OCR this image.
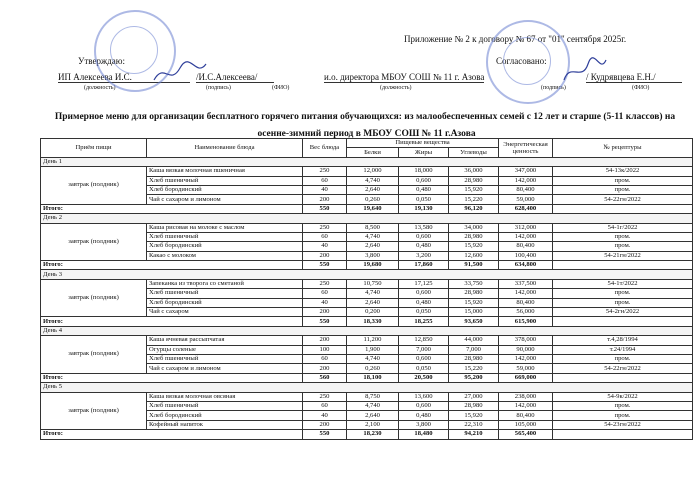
Приложение № 2 к договору № 67 от "01" сентября 2025г.
Утверждаю:	Согласовано:
ИП Алексеева И.С.	/И.С.Алексеева/
(должность)	(подпись)	(ФИО)
и.о. директора МБОУ СОШ № 11 г. Азова	/ Кудрявцева Е.Н./
(должность)	(подпись)	(ФИО)
Примерное меню для организации бесплатного горячего питания обучающихся: из малообеспеченных семей с 12 лет и старше (5-11 классов) на
осенне-зимний период в МБОУ СОШ № 11 г.Азова							
Приём пищи	Наименование блюда	Вес блюда	Пищевые вещества			Энергетическая ценность	№ рецептуры
			Белки	Жиры	Углеводы		
День 1							
завтрак (полдник)	Каша вязкая молочная пшеничная	250	12,000	18,000	36,000	347,000	54-13к/2022
	Хлеб пшеничный	60	4,740	0,600	28,980	142,000	пром.
	Хлеб бородинский	40	2,640	0,480	15,920	80,400	пром.
	Чай с сахаром и лимоном	200	0,260	0,050	15,220	59,000	54-22гн/2022
Итого:		550	19,640	19,130	96,120	628,400	
День 2							
завтрак (полдник)	Каша рисовая на молоке с маслом	250	8,500	13,580	34,000	312,000	54-1г/2022
	Хлеб пшеничный	60	4,740	0,600	28,980	142,000	пром.
	Хлеб бородинский	40	2,640	0,480	15,920	80,400	пром.
	Какао с молоком	200	3,800	3,200	12,600	100,400	54-21гн/2022
Итого:		550	19,680	17,860	91,500	634,800	
День 3							
завтрак (полдник)	Запеканка из творога со сметаной	250	10,750	17,125	33,750	337,500	54-1т/2022
	Хлеб пшеничный	60	4,740	0,600	28,980	142,000	пром.
	Хлеб бородинский	40	2,640	0,480	15,920	80,400	пром.
	Чай с сахаром	200	0,200	0,050	15,000	56,000	54-2гн/2022
Итого:		550	18,330	18,255	93,650	615,900	
День 4							
завтрак (полдник)	Каша ячневая рассыпчатая	200	11,200	12,850	44,000	378,000	т.4,28/1994
	Огурцы соленые	100	1,900	7,000	7,000	90,000	т.24/1994
	Хлеб пшеничный	60	4,740	0,600	28,980	142,000	пром.
	Чай с сахаром и лимоном	200	0,260	0,050	15,220	59,000	54-22гн/2022
Итого:		560	18,100	20,500	95,200	669,000	
День 5							
завтрак (полдник)	Каша вязкая молочная овсяная	250	8,750	13,600	27,000	238,000	54-9к/2022
	Хлеб пшеничный	60	4,740	0,600	28,980	142,000	пром.
	Хлеб бородинский	40	2,640	0,480	15,920	80,400	пром.
	Кофейный напиток	200	2,100	3,800	22,310	105,000	54-23гн/2022
Итого:		550	18,230	18,480	94,210	565,400	
